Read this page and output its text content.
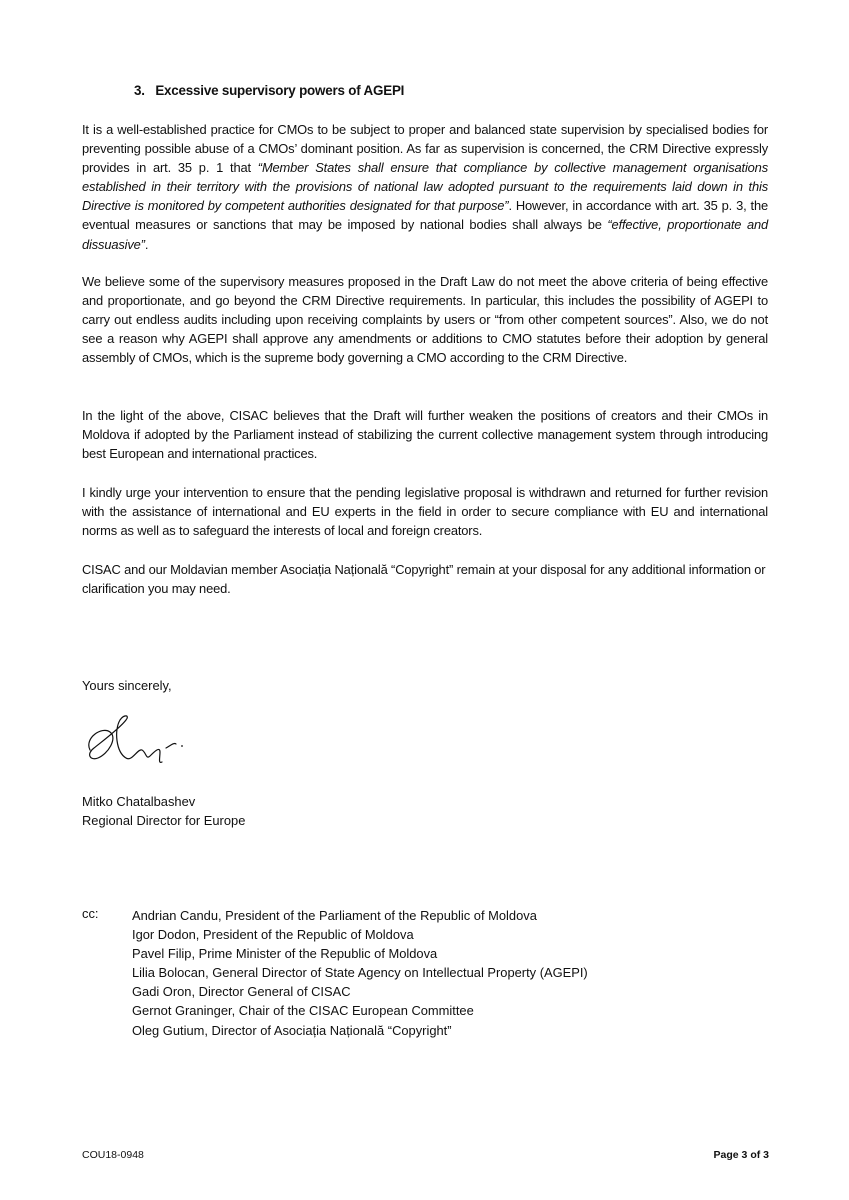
3.   Excessive supervisory powers of AGEPI

It is a well-established practice for CMOs to be subject to proper and balanced state supervision by specialised bodies for preventing possible abuse of a CMOs’ dominant position. As far as supervision is concerned, the CRM Directive expressly provides in art. 35 p. 1 that “Member States shall ensure that compliance by collective management organisations established in their territory with the provisions of national law adopted pursuant to the requirements laid down in this Directive is monitored by competent authorities designated for that purpose”. However, in accordance with art. 35 p. 3, the eventual measures or sanctions that may be imposed by national bodies shall always be “effective, proportionate and dissuasive”.

We believe some of the supervisory measures proposed in the Draft Law do not meet the above criteria of being effective and proportionate, and go beyond the CRM Directive requirements. In particular, this includes the possibility of AGEPI to carry out endless audits including upon receiving complaints by users or “from other competent sources”. Also, we do not see a reason why AGEPI shall approve any amendments or additions to CMO statutes before their adoption by general assembly of CMOs, which is the supreme body governing a CMO according to the CRM Directive.

In the light of the above, CISAC believes that the Draft will further weaken the positions of creators and their CMOs in Moldova if adopted by the Parliament instead of stabilizing the current collective management system through introducing best European and international practices.

I kindly urge your intervention to ensure that the pending legislative proposal is withdrawn and returned for further revision with the assistance of international and EU experts in the field in order to secure compliance with EU and international norms as well as to safeguard the interests of local and foreign creators.

CISAC and our Moldavian member Asociația Națională “Copyright” remain at your disposal for any additional information or clarification you may need.

Yours sincerely,
Mitko Chatalbashev
Regional Director for Europe
cc:	Andrian Candu, President of the Parliament of the Republic of Moldova
Igor Dodon, President of the Republic of Moldova
Pavel Filip, Prime Minister of the Republic of Moldova
Lilia Bolocan, General Director of State Agency on Intellectual Property (AGEPI)
Gadi Oron, Director General of CISAC
Gernot Graninger, Chair of the CISAC European Committee
Oleg Gutium, Director of Asociația Națională “Copyright”
COU18-0948	Page 3 of 3
